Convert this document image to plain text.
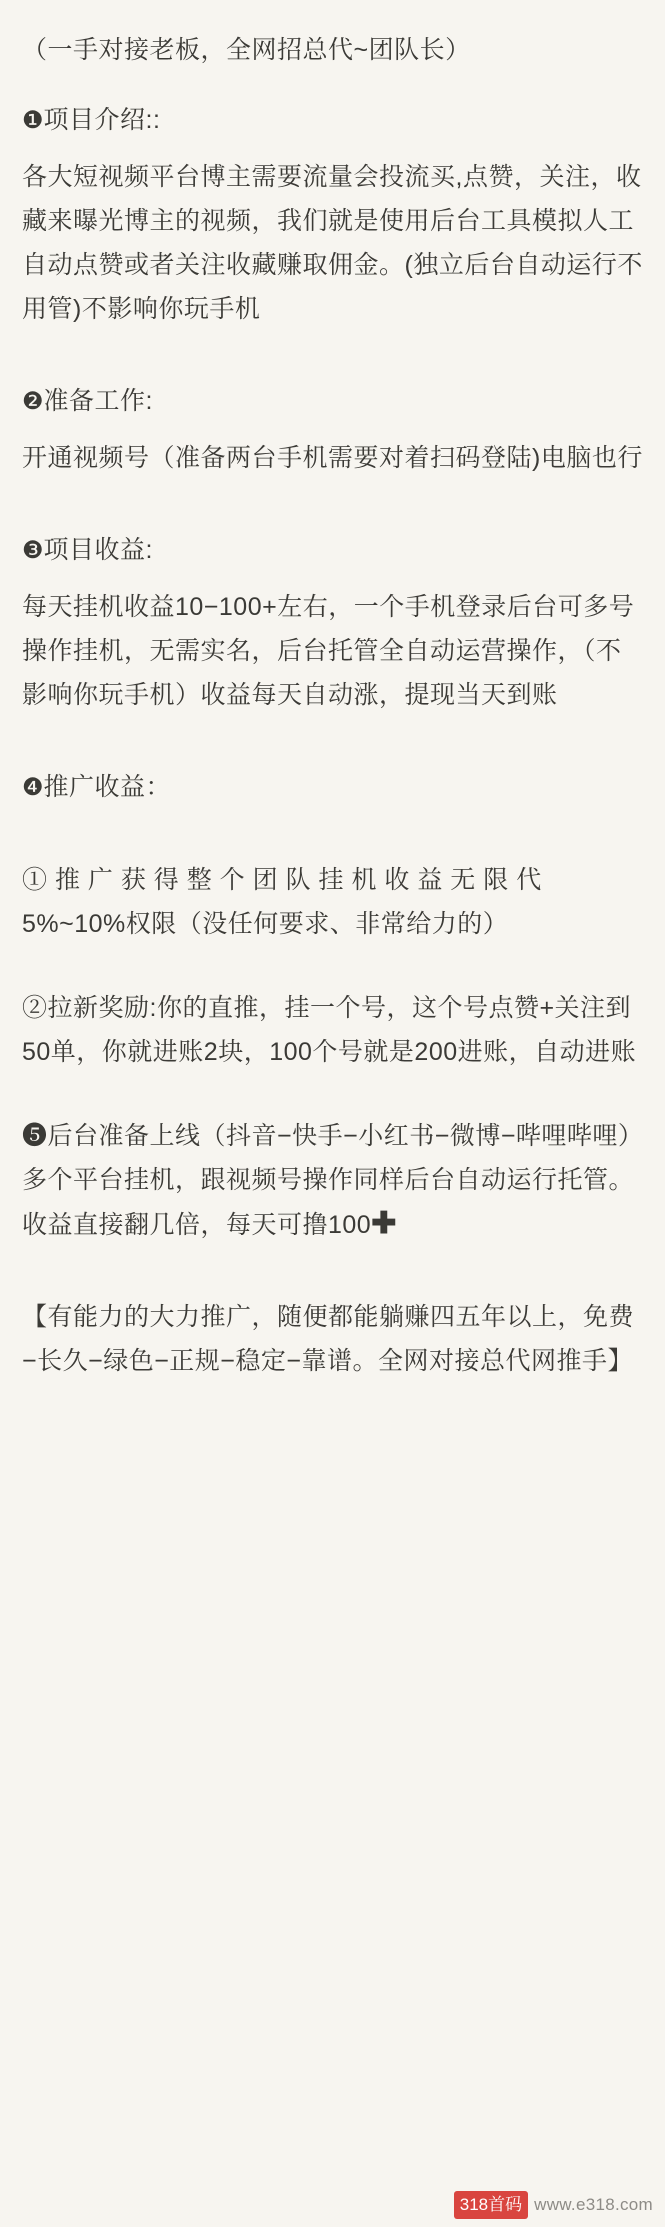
（一手对接老板，全网招总代~团队长）

❶项目介绍::
各大短视频平台博主需要流量会投流买,点赞，关注，收藏来曝光博主的视频，我们就是使用后台工具模拟人工自动点赞或者关注收藏赚取佣金。(独立后台自动运行不用管)不影响你玩手机
❷准备工作:
开通视频号（准备两台手机需要对着扫码登陆)电脑也行
❸项目收益:
每天挂机收益10−100+左右，一个手机登录后台可多号操作挂机，无需实名，后台托管全自动运营操作，（不影响你玩手机）收益每天自动涨，提现当天到账
❹推广收益：

① 推 广 获 得 整 个 团 队 挂 机 收 益 无 限 代 5%~10%权限（没任何要求、非常给力的）

②拉新奖励:你的直推，挂一个号，这个号点赞+关注到50单，你就进账2块，100个号就是200进账，自动进账

❺后台准备上线（抖音−快手−小红书−微博−哔哩哔哩）多个平台挂机，跟视频号操作同样后台自动运行托管。收益直接翻几倍，每天可撸100✚

【有能力的大力推广，随便都能躺赚四五年以上，免费−长久−绿色−正规−稳定−靠谱。全网对接总代网推手】

318首码 www.e318.com
